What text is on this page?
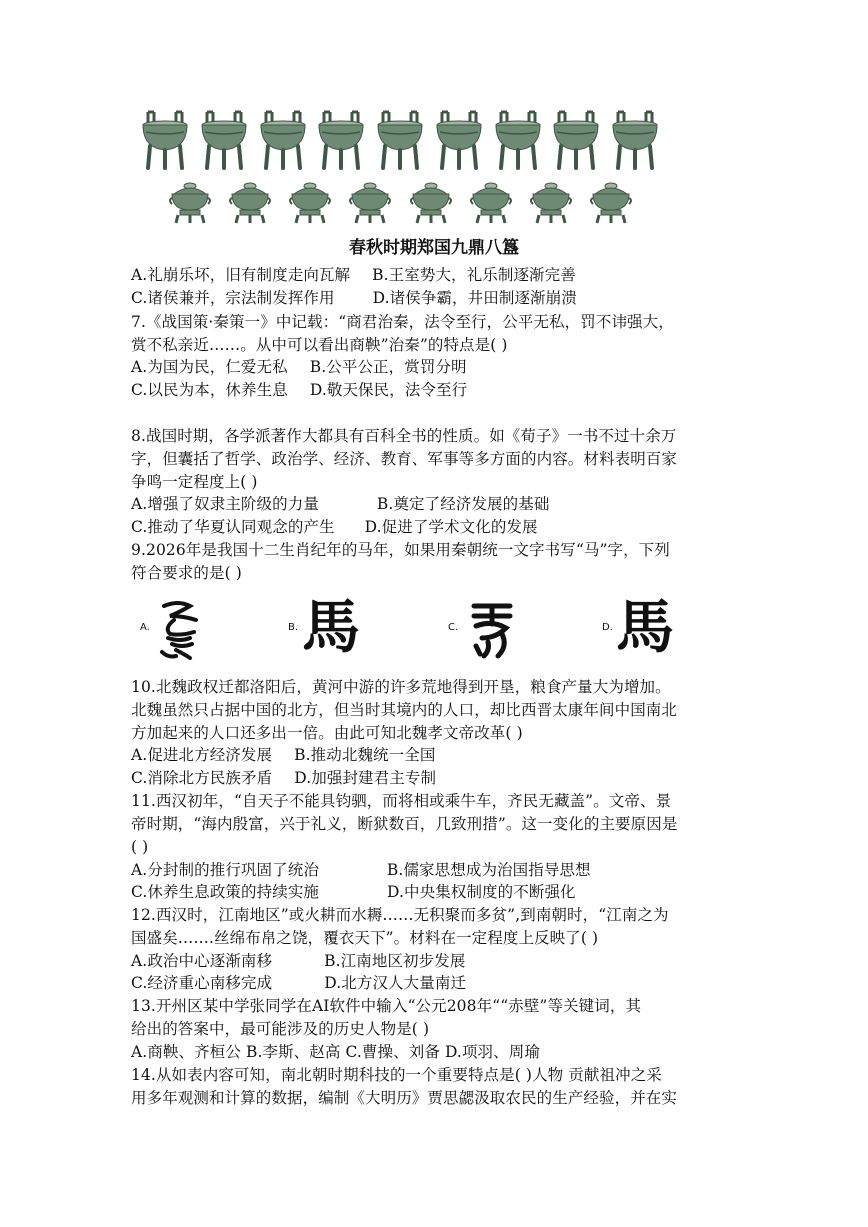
春秋时期郑国九鼎八簋
A.礼崩乐坏，旧有制度走向瓦解 B.王室势大，礼乐制逐渐完善
C.诸侯兼并，宗法制发挥作用 D.诸侯争霸，井田制逐渐崩溃
7.《战国策·秦策一》中记载：“商君治秦，法令至行，公平无私，罚不讳强大，
赏不私亲近……。从中可以看出商鞅”治秦”的特点是( )
A.为国为民，仁爱无私 B.公平公正，赏罚分明
C.以民为本，休养生息 D.敬天保民，法令至行
8.战国时期，各学派著作大都具有百科全书的性质。如《荀子》一书不过十余万
字，但囊括了哲学、政治学、经济、教育、军事等多方面的内容。材料表明百家
争鸣一定程度上( )
A.增强了奴隶主阶级的力量	B.奠定了经济发展的基础
C.推动了华夏认同观念的产生 D.促进了学术文化的发展
9.2026年是我国十二生肖纪年的马年，如果用秦朝统一文字书写“马”字，下列
符合要求的是( )
A.	B. 馬	C.	D. 馬
10.北魏政权迁都洛阳后，黄河中游的许多荒地得到开垦，粮食产量大为增加。
北魏虽然只占据中国的北方，但当时其境内的人口，却比西晋太康年间中国南北
方加起来的人口还多出一倍。由此可知北魏孝文帝改革( )
A.促进北方经济发展 B.推动北魏统一全国
C.消除北方民族矛盾 D.加强封建君主专制
11.西汉初年，“自天子不能具钧驷，而将相或乘牛车，齐民无藏盖”。文帝、景
帝时期，“海内殷富，兴于礼义，断狱数百，几致刑措”。这一变化的主要原因是
( )
A.分封制的推行巩固了统治	B.儒家思想成为治国指导思想
C.休养生息政策的持续实施	D.中央集权制度的不断强化
12.西汉时，江南地区”或火耕而水耨……无积聚而多贫”,到南朝时，“江南之为
国盛矣…….丝绵布帛之饶，覆衣天下”。材料在一定程度上反映了( )
A.政治中心逐渐南移	B.江南地区初步发展
C.经济重心南移完成	D.北方汉人大量南迁
13.开州区某中学张同学在AI软件中输入“公元208年““赤壁”等关键词，其
给出的答案中，最可能涉及的历史人物是( )
A.商鞅、齐桓公 B.李斯、赵高 C.曹操、刘备 D.项羽、周瑜
14.从如表内容可知，南北朝时期科技的一个重要特点是( )人物 贡献祖冲之采
用多年观测和计算的数据，编制《大明历》贾思勰汲取农民的生产经验，并在实
